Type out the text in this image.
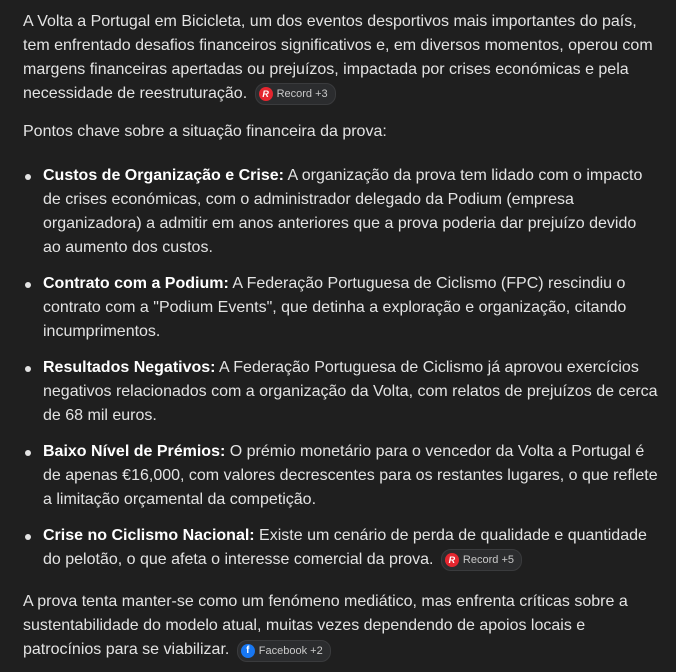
A Volta a Portugal em Bicicleta, um dos eventos desportivos mais importantes do país, tem enfrentado desafios financeiros significativos e, em diversos momentos, operou com margens financeiras apertadas ou prejuízos, impactada por crises económicas e pela necessidade de reestruturação.	R Record +3

Pontos chave sobre a situação financeira da prova:

Custos de Organização e Crise: A organização da prova tem lidado com o impacto de crises económicas, com o administrador delegado da Podium (empresa organizadora) a admitir em anos anteriores que a prova poderia dar prejuízo devido ao aumento dos custos.
Contrato com a Podium: A Federação Portuguesa de Ciclismo (FPC) rescindiu o contrato com a "Podium Events", que detinha a exploração e organização, citando incumprimentos.
Resultados Negativos: A Federação Portuguesa de Ciclismo já aprovou exercícios negativos relacionados com a organização da Volta, com relatos de prejuízos de cerca de 68 mil euros.
Baixo Nível de Prémios: O prémio monetário para o vencedor da Volta a Portugal é de apenas €16,000, com valores decrescentes para os restantes lugares, o que reflete a limitação orçamental da competição.
Crise no Ciclismo Nacional: Existe um cenário de perda de qualidade e quantidade do pelotão, o que afeta o interesse comercial da prova.	R Record +5

A prova tenta manter-se como um fenómeno mediático, mas enfrenta críticas sobre a sustentabilidade do modelo atual, muitas vezes dependendo de apoios locais e patrocínios para se viabilizar.	f Facebook +2
